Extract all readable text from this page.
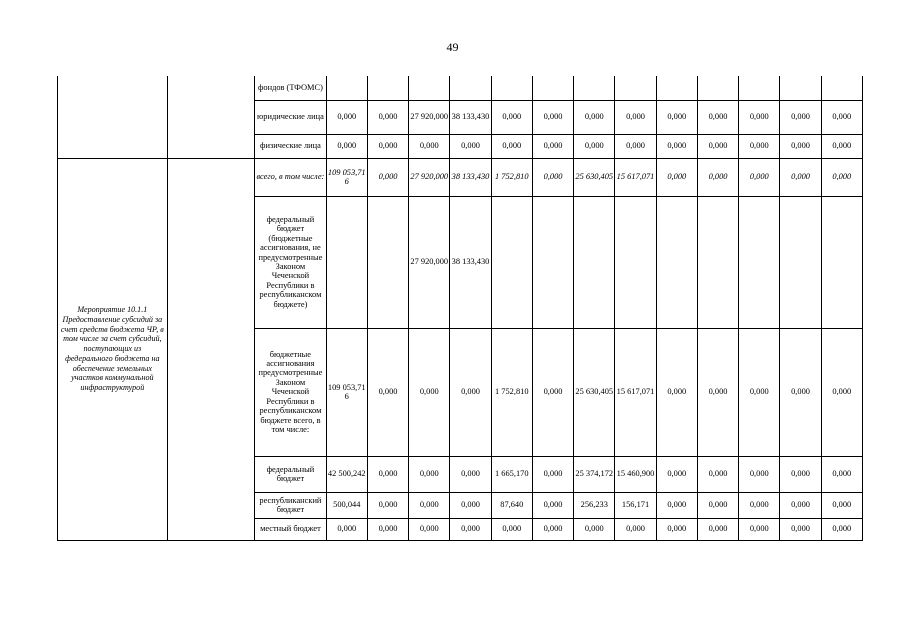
49
		фондов (ТФОМС)													
		юридические лица	0,000	0,000	27 920,000	38 133,430	0,000	0,000	0,000	0,000	0,000	0,000	0,000	0,000	0,000
		физические лица	0,000	0,000	0,000	0,000	0,000	0,000	0,000	0,000	0,000	0,000	0,000	0,000	0,000
Мероприятие 10.1.1 Предоставление субсидий за счет средств бюджета ЧР, в том числе за счет субсидий, поступающих из федерального бюджета на обеспечение земельных участков коммунальной инфраструктурой		всего, в том числе:	109 053,716	0,000	27 920,000	38 133,430	1 752,810	0,000	25 630,405	15 617,071	0,000	0,000	0,000	0,000	0,000
		федеральный бюджет (бюджетные ассигнования, не предусмотренные Законом Чеченской Республики в республиканском бюджете)			27 920,000	38 133,430									
		бюджетные ассигнования предусмотренные Законом Чеченской Республики в республиканском бюджете всего, в том числе:	109 053,716	0,000	0,000	0,000	1 752,810	0,000	25 630,405	15 617,071	0,000	0,000	0,000	0,000	0,000
		федеральный бюджет	42 500,242	0,000	0,000	0,000	1 665,170	0,000	25 374,172	15 460,900	0,000	0,000	0,000	0,000	0,000
		республиканский бюджет	500,044	0,000	0,000	0,000	87,640	0,000	256,233	156,171	0,000	0,000	0,000	0,000	0,000
		местный бюджет	0,000	0,000	0,000	0,000	0,000	0,000	0,000	0,000	0,000	0,000	0,000	0,000	0,000
